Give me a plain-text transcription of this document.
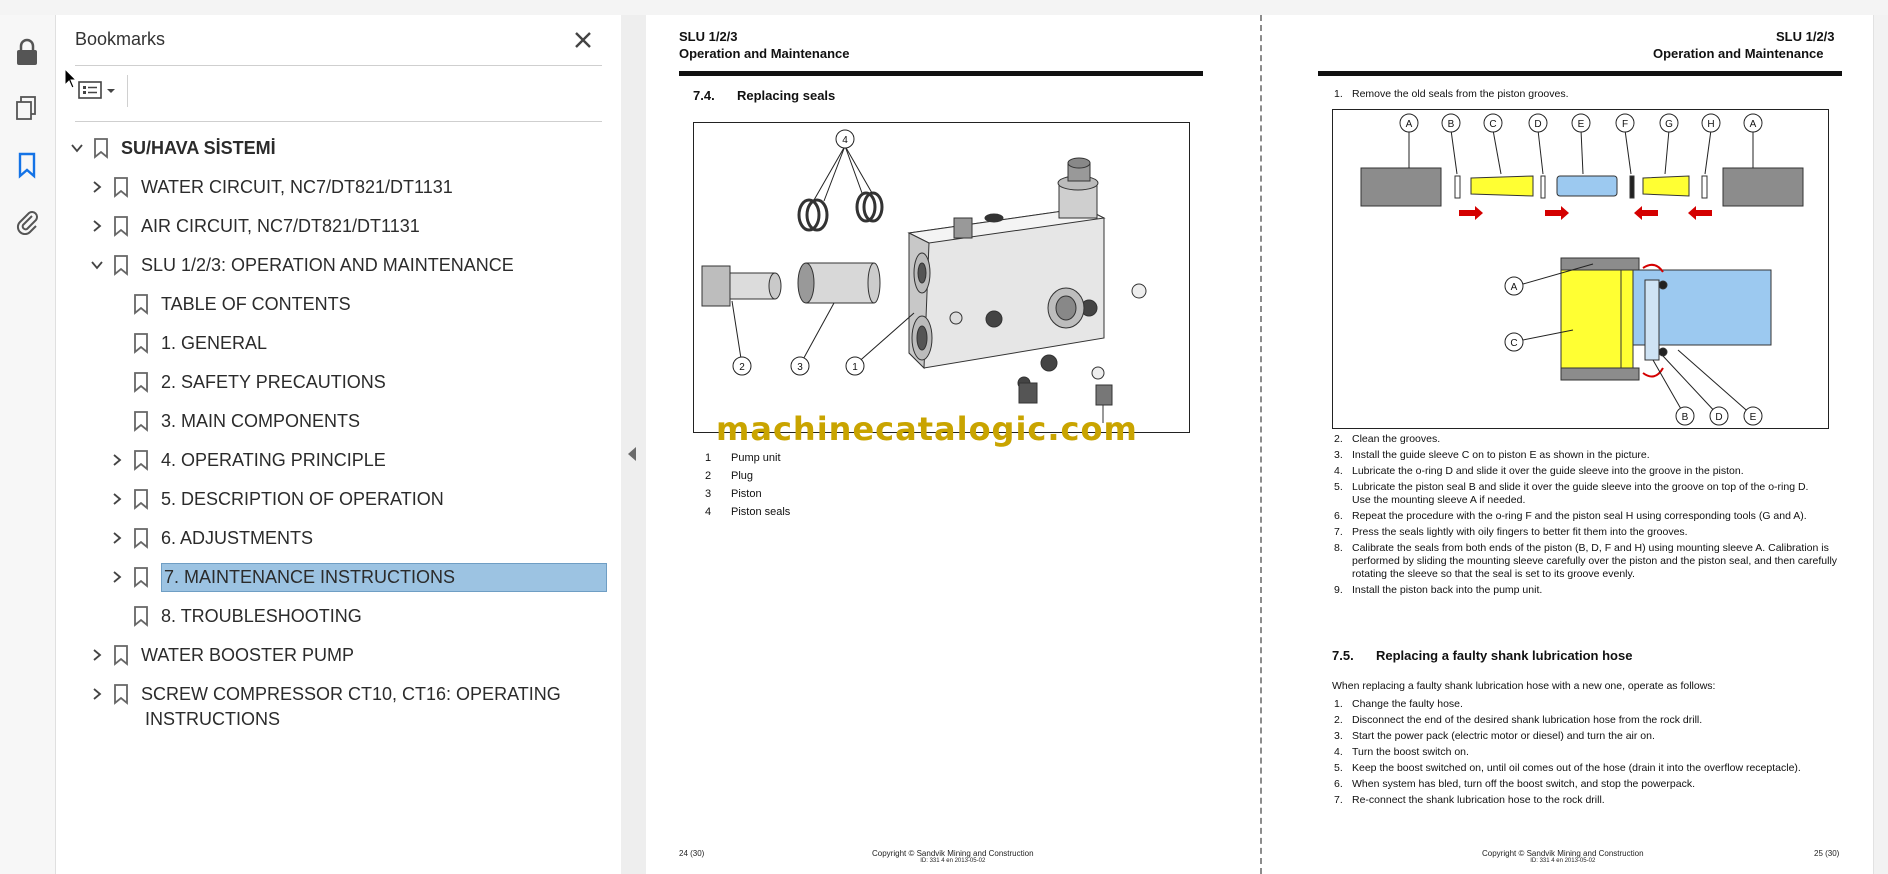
Bookmarks
SU/HAVA SİSTEMİ
WATER CIRCUIT, NC7/DT821/DT1131
AIR CIRCUIT, NC7/DT821/DT1131
SLU 1/2/3: OPERATION AND MAINTENANCE
TABLE OF CONTENTS
1. GENERAL
2. SAFETY PRECAUTIONS
3. MAIN COMPONENTS
4. OPERATING PRINCIPLE
5. DESCRIPTION OF OPERATION
6. ADJUSTMENTS
7. MAINTENANCE INSTRUCTIONS
8. TROUBLESHOOTING
WATER BOOSTER PUMP
SCREW COMPRESSOR CT10, CT16: OPERATING
INSTRUCTIONS
SLU 1/2/3
Operation and Maintenance
7.4. Replacing seals
4
2	3	1
machinecatalogic.com
1	Pump unit
2	Plug
3	Piston
4	Piston seals
24 (30)	Copyright © Sandvik Mining and Construction
ID: 331 4 en 2013-05-02
SLU 1/2/3
Operation and Maintenance
1. Remove the old seals from the piston grooves.
A	B	C	D	E	F	G	H	A
A
C
B	D	E
2. Clean the grooves.
3. Install the guide sleeve C on to piston E as shown in the picture.
4. Lubricate the o-ring D and slide it over the guide sleeve into the groove in the piston.
5. Lubricate the piston seal B and slide it over the guide sleeve into the groove on top of the o-ring D.
Use the mounting sleeve A if needed.
6. Repeat the procedure with the o-ring F and the piston seal H using corresponding tools (G and A).
7. Press the seals lightly with oily fingers to better fit them into the grooves.
8. Calibrate the seals from both ends of the piston (B, D, F and H) using mounting sleeve A. Calibration is performed by sliding the mounting sleeve carefully over the piston and the piston seal, and then carefully rotating the sleeve so that the seal is set to its groove evenly.
9. Install the piston back into the pump unit.
7.5. Replacing a faulty shank lubrication hose
When replacing a faulty shank lubrication hose with a new one, operate as follows:
1. Change the faulty hose.
2. Disconnect the end of the desired shank lubrication hose from the rock drill.
3. Start the power pack (electric motor or diesel) and turn the air on.
4. Turn the boost switch on.
5. Keep the boost switched on, until oil comes out of the hose (drain it into the overflow receptacle).
6. When system has bled, turn off the boost switch, and stop the powerpack.
7. Re-connect the shank lubrication hose to the rock drill.
Copyright © Sandvik Mining and Construction
ID: 331 4 en 2013-05-02
25 (30)
